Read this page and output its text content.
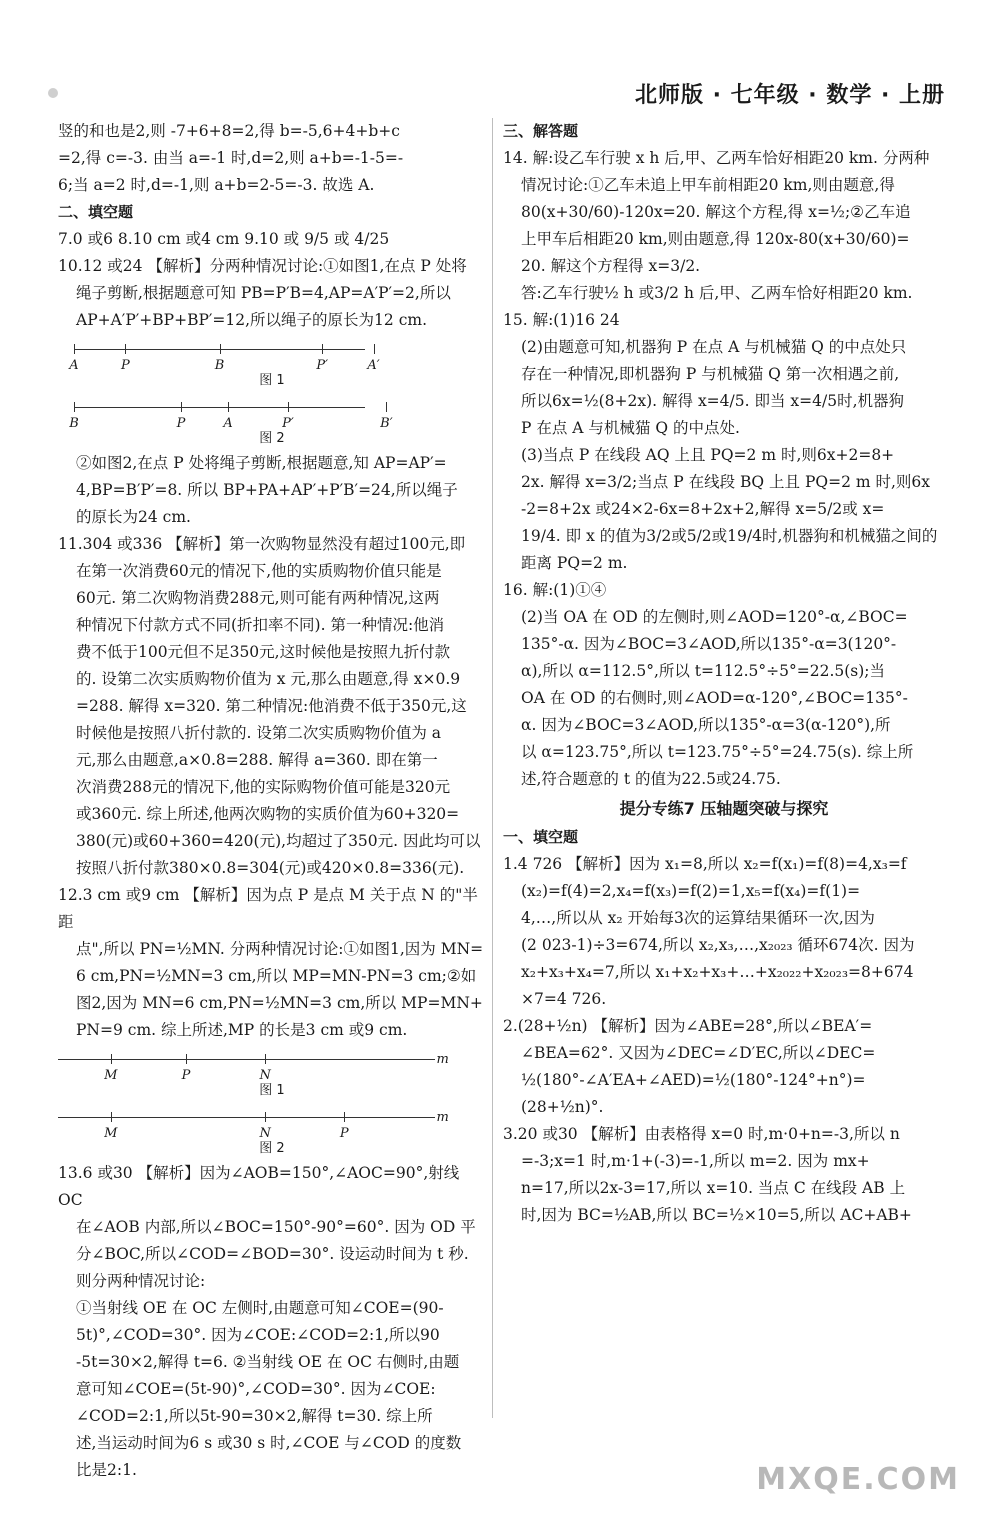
北师版 · 七年级 · 数学 · 上册

竖的和也是2,则 -7+6+8=2,得 b=-5,6+4+b+c

=2,得 c=-3. 由当 a=-1 时,d=2,则 a+b=-1-5=-

6;当 a=2 时,d=-1,则 a+b=2-5=-3. 故选 A.

二、填空题

7.0 或6 8.10 cm 或4 cm 9.10 或 9/5 或 4/25

10.12 或24 【解析】分两种情况讨论:①如图1,在点 P 处将

绳子剪断,根据题意可知 PB=P′B=4,AP=A′P′=2,所以

AP+A′P′+BP+BP′=12,所以绳子的原长为12 cm.

A	P	B	P′	A′

图 1

B	P	A	P′	B′

图 2

②如图2,在点 P 处将绳子剪断,根据题意,知 AP=AP′=

4,BP=B′P′=8. 所以 BP+PA+AP′+P′B′=24,所以绳子

的原长为24 cm.

11.304 或336 【解析】第一次购物显然没有超过100元,即

在第一次消费60元的情况下,他的实质购物价值只能是

60元. 第二次购物消费288元,则可能有两种情况,这两

种情况下付款方式不同(折扣率不同). 第一种情况:他消

费不低于100元但不足350元,这时候他是按照九折付款

的. 设第二次实质购物价值为 x 元,那么由题意,得 x×0.9

=288. 解得 x=320. 第二种情况:他消费不低于350元,这

时候他是按照八折付款的. 设第二次实质购物价值为 a

元,那么由题意,a×0.8=288. 解得 a=360. 即在第一

次消费288元的情况下,他的实际购物价值可能是320元

或360元. 综上所述,他两次购物的实质价值为60+320=

380(元)或60+360=420(元),均超过了350元. 因此均可以

按照八折付款380×0.8=304(元)或420×0.8=336(元).

12.3 cm 或9 cm 【解析】因为点 P 是点 M 关于点 N 的"半距

点",所以 PN=½MN. 分两种情况讨论:①如图1,因为 MN=

6 cm,PN=½MN=3 cm,所以 MP=MN-PN=3 cm;②如

图2,因为 MN=6 cm,PN=½MN=3 cm,所以 MP=MN+

PN=9 cm. 综上所述,MP 的长是3 cm 或9 cm.

M	P	N
m

图 1

M	N	P
m

图 2

13.6 或30 【解析】因为∠AOB=150°,∠AOC=90°,射线 OC

在∠AOB 内部,所以∠BOC=150°-90°=60°. 因为 OD 平

分∠BOC,所以∠COD=∠BOD=30°. 设运动时间为 t 秒.

则分两种情况讨论:

①当射线 OE 在 OC 左侧时,由题意可知∠COE=(90-

5t)°,∠COD=30°. 因为∠COE:∠COD=2:1,所以90

-5t=30×2,解得 t=6. ②当射线 OE 在 OC 右侧时,由题

意可知∠COE=(5t-90)°,∠COD=30°. 因为∠COE:

∠COD=2:1,所以5t-90=30×2,解得 t=30. 综上所

述,当运动时间为6 s 或30 s 时,∠COE 与∠COD 的度数

比是2:1.

三、解答题

14. 解:设乙车行驶 x h 后,甲、乙两车恰好相距20 km. 分两种

情况讨论:①乙车未追上甲车前相距20 km,则由题意,得

80(x+30/60)-120x=20. 解这个方程,得 x=½;②乙车追

上甲车后相距20 km,则由题意,得 120x-80(x+30/60)=

20. 解这个方程得 x=3/2.

答:乙车行驶½ h 或3/2 h 后,甲、乙两车恰好相距20 km.

15. 解:(1)16 24

(2)由题意可知,机器狗 P 在点 A 与机械猫 Q 的中点处只

存在一种情况,即机器狗 P 与机械猫 Q 第一次相遇之前,

所以6x=½(8+2x). 解得 x=4/5. 即当 x=4/5时,机器狗

P 在点 A 与机械猫 Q 的中点处.

(3)当点 P 在线段 AQ 上且 PQ=2 m 时,则6x+2=8+

2x. 解得 x=3/2;当点 P 在线段 BQ 上且 PQ=2 m 时,则6x

-2=8+2x 或24×2-6x=8+2x+2,解得 x=5/2或 x=

19/4. 即 x 的值为3/2或5/2或19/4时,机器狗和机械猫之间的

距离 PQ=2 m.

16. 解:(1)①④

(2)当 OA 在 OD 的左侧时,则∠AOD=120°-α,∠BOC=

135°-α. 因为∠BOC=3∠AOD,所以135°-α=3(120°-

α),所以 α=112.5°,所以 t=112.5°÷5°=22.5(s);当

OA 在 OD 的右侧时,则∠AOD=α-120°,∠BOC=135°-

α. 因为∠BOC=3∠AOD,所以135°-α=3(α-120°),所

以 α=123.75°,所以 t=123.75°÷5°=24.75(s). 综上所

述,符合题意的 t 的值为22.5或24.75.

提分专练7 压轴题突破与探究

一、填空题

1.4 726 【解析】因为 x₁=8,所以 x₂=f(x₁)=f(8)=4,x₃=f

(x₂)=f(4)=2,x₄=f(x₃)=f(2)=1,x₅=f(x₄)=f(1)=

4,…,所以从 x₂ 开始每3次的运算结果循环一次,因为

(2 023-1)÷3=674,所以 x₂,x₃,…,x₂₀₂₃ 循环674次. 因为

x₂+x₃+x₄=7,所以 x₁+x₂+x₃+…+x₂₀₂₂+x₂₀₂₃=8+674

×7=4 726.

2.(28+½n) 【解析】因为∠ABE=28°,所以∠BEA′=

∠BEA=62°. 又因为∠DEC=∠D′EC,所以∠DEC=

½(180°-∠A′EA+∠AED)=½(180°-124°+n°)=

(28+½n)°.

3.20 或30 【解析】由表格得 x=0 时,m·0+n=-3,所以 n

=-3;x=1 时,m·1+(-3)=-1,所以 m=2. 因为 mx+

n=17,所以2x-3=17,所以 x=10. 当点 C 在线段 AB 上

时,因为 BC=½AB,所以 BC=½×10=5,所以 AC+AB+

MXQE.COM
